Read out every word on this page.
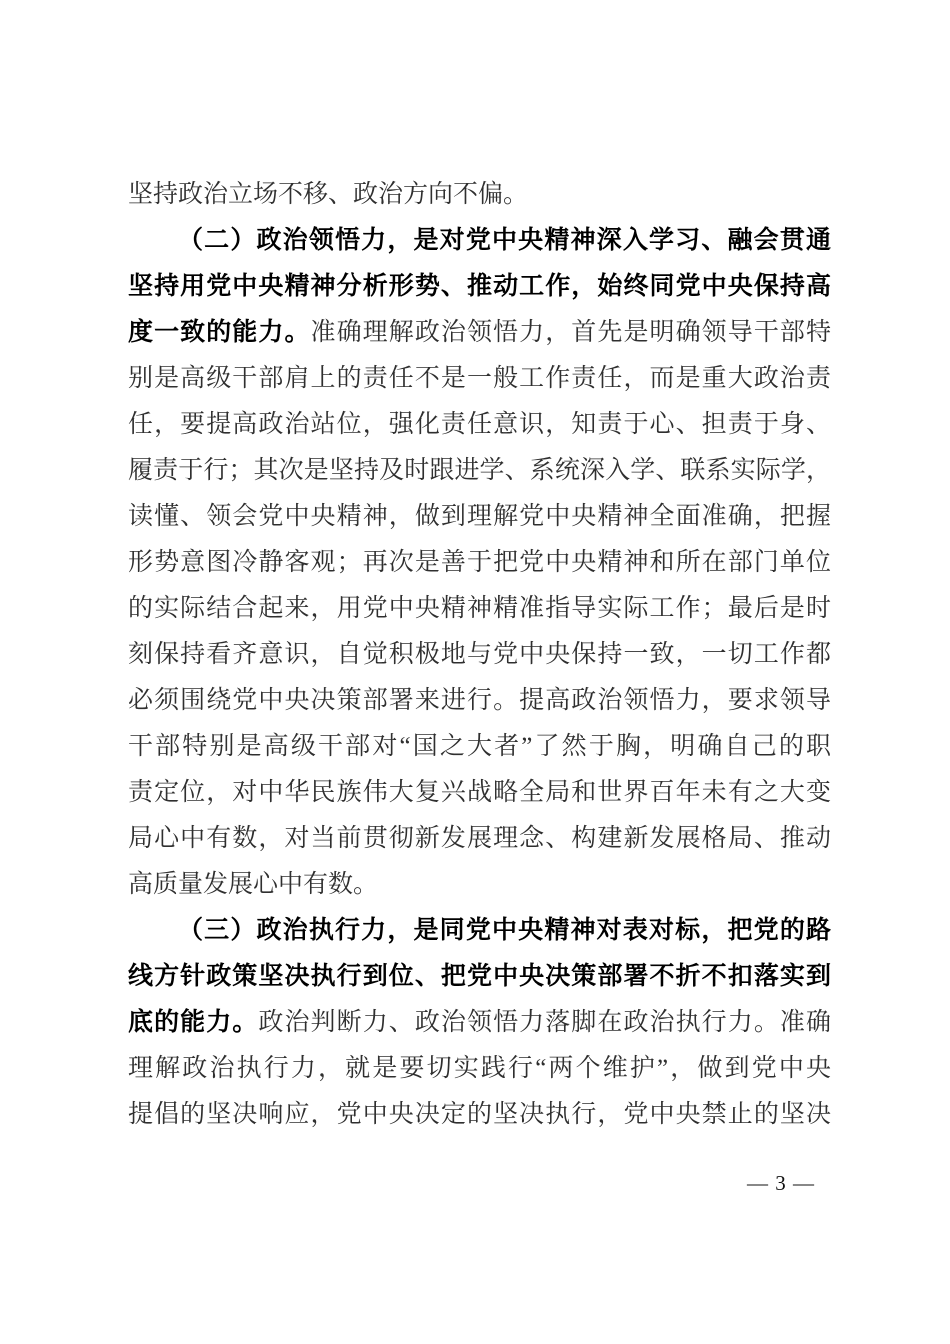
坚持政治立场不移、政治方向不偏。
（二）政治领悟力，是对党中央精神深入学习、融会贯通
坚持用党中央精神分析形势、推动工作，始终同党中央保持高
度一致的能力。准确理解政治领悟力，首先是明确领导干部特
别是高级干部肩上的责任不是一般工作责任，而是重大政治责
任，要提高政治站位，强化责任意识，知责于心、担责于身、
履责于行；其次是坚持及时跟进学、系统深入学、联系实际学，
读懂、领会党中央精神，做到理解党中央精神全面准确，把握
形势意图冷静客观；再次是善于把党中央精神和所在部门单位
的实际结合起来，用党中央精神精准指导实际工作；最后是时
刻保持看齐意识，自觉积极地与党中央保持一致，一切工作都
必须围绕党中央决策部署来进行。提高政治领悟力，要求领导
干部特别是高级干部对“国之大者”了然于胸，明确自己的职
责定位，对中华民族伟大复兴战略全局和世界百年未有之大变
局心中有数，对当前贯彻新发展理念、构建新发展格局、推动
高质量发展心中有数。
（三）政治执行力，是同党中央精神对表对标，把党的路
线方针政策坚决执行到位、把党中央决策部署不折不扣落实到
底的能力。政治判断力、政治领悟力落脚在政治执行力。准确
理解政治执行力，就是要切实践行“两个维护”，做到党中央
提倡的坚决响应，党中央决定的坚决执行，党中央禁止的坚决
— 3 —
